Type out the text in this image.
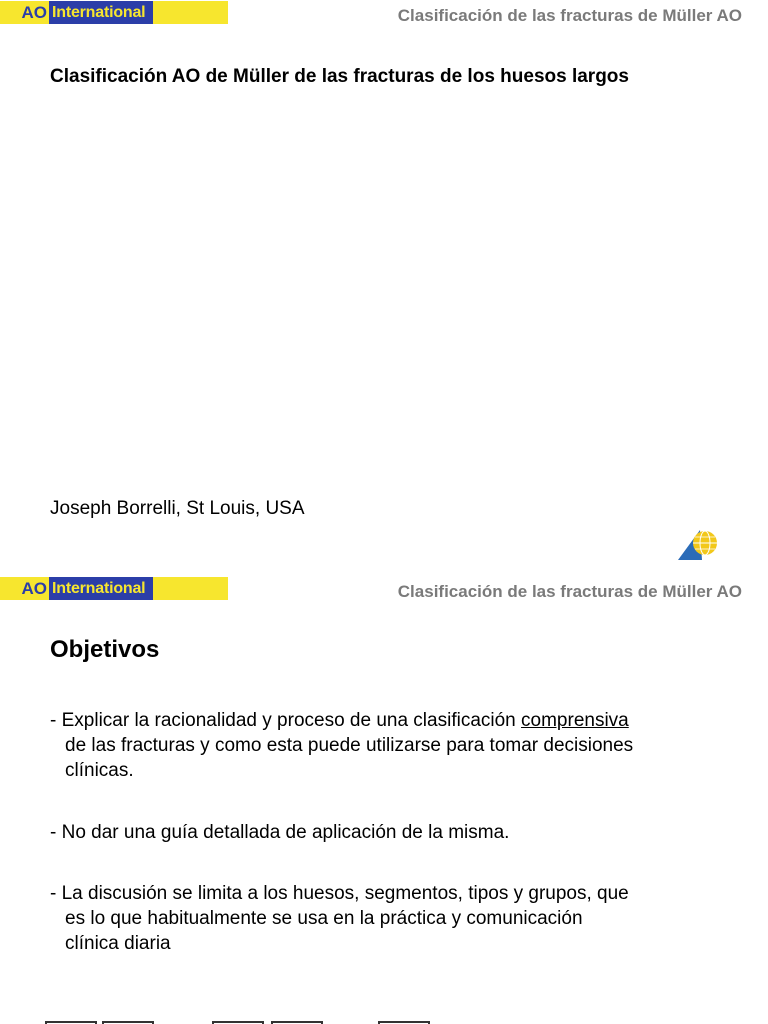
AO International	Clasificación de las fracturas de Müller AO
Clasificación AO de Müller de las fracturas de los huesos largos
Joseph Borrelli, St Louis, USA
AO International	Clasificación de las fracturas de Müller AO
Objetivos
- Explicar la racionalidad y proceso de una clasificación comprensiva
de las fracturas y como esta puede utilizarse para tomar decisiones
clínicas.
- No dar una guía detallada de aplicación de la misma.
- La discusión se limita a los huesos, segmentos, tipos y grupos, que
es lo que habitualmente se usa en la práctica y comunicación
clínica diaria
